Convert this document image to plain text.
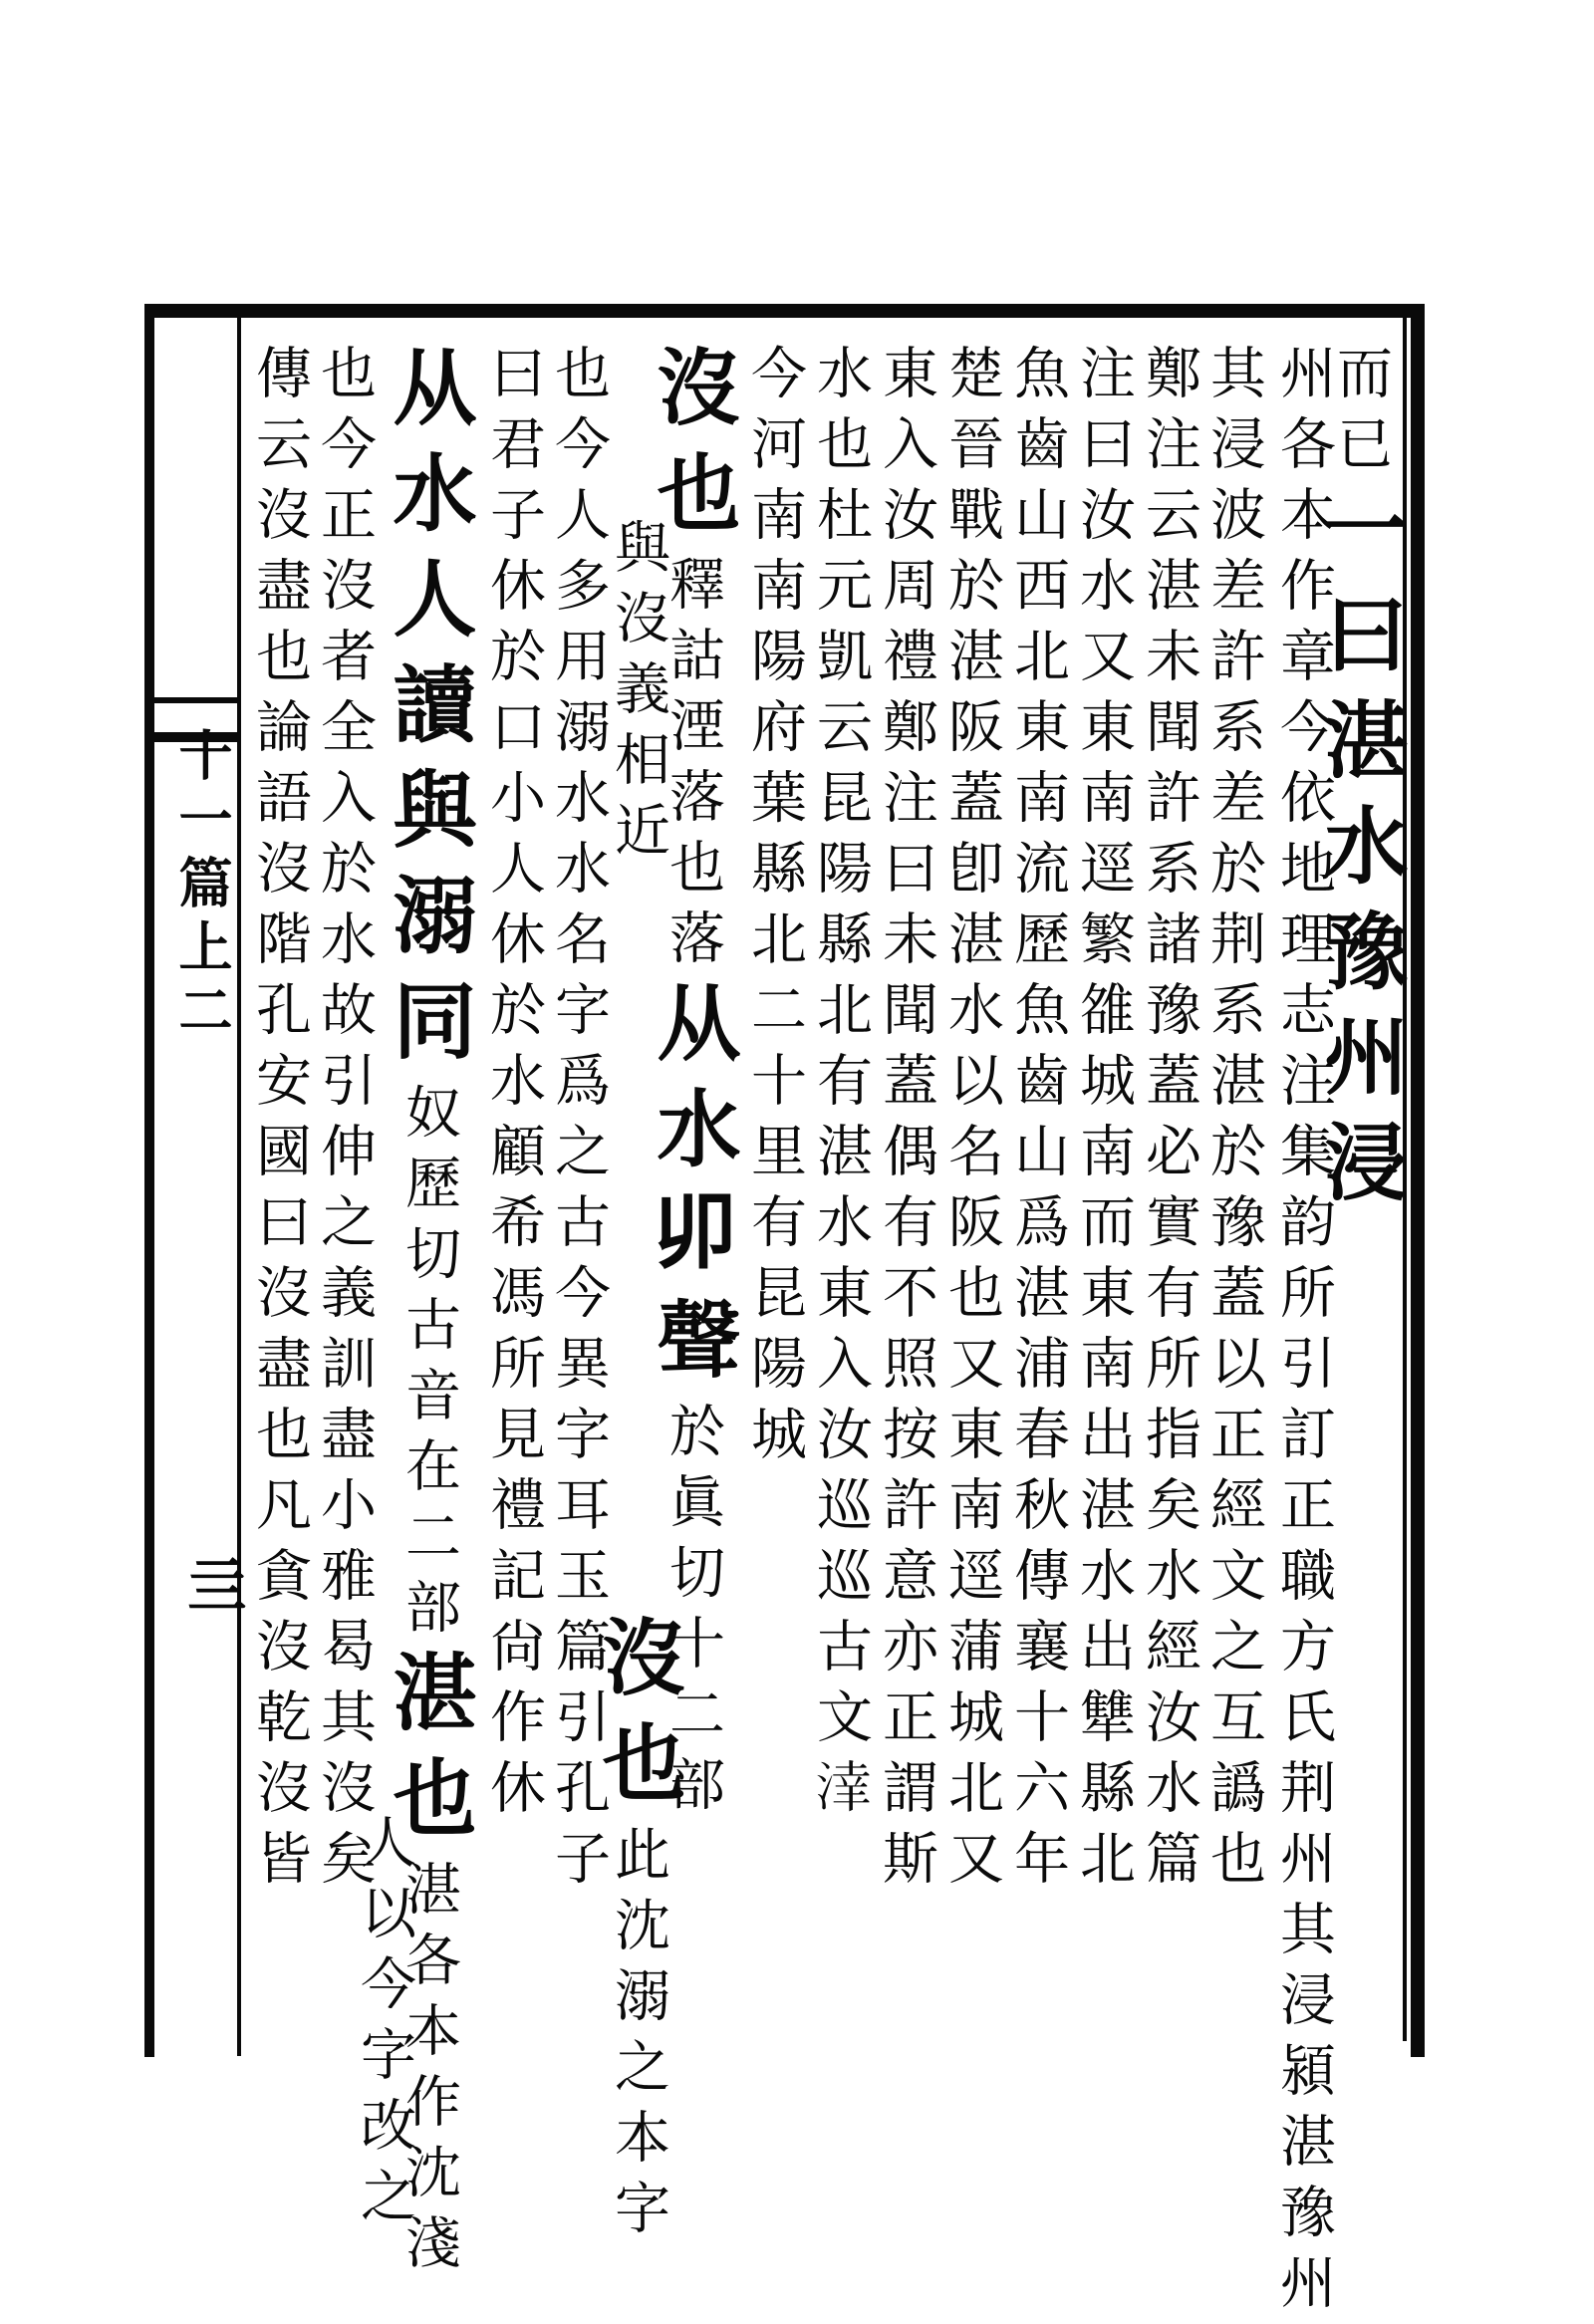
十一篇上二
亖
而已一曰湛水豫州浸
州各本作章今依地理志注集韵所引訂正職方氏荆州其浸潁湛豫州
其浸波差許系差於荆系湛於豫蓋以正經文之互譌也
鄭注云湛未聞許系諸豫蓋必實有所指矣水經汝水篇
注曰汝水又東南逕繁𨿅城南而東南出湛水出犨縣北
魚齒山西北東南流歷魚齒山爲湛浦春秋傳襄十六年
楚晉戰於湛阪蓋卽湛水以名阪也又東南逕蒲城北又
東入汝周禮鄭注曰未聞蓋偶有不照按許意亦正謂斯
水也杜元凱云昆陽縣北有湛水東入汝巡巡古文𣸉
今河南南陽府葉縣北二十里有昆陽城
沒也釋詁湮落也落从水𠨍聲於眞切十二部
與沒義相近
沒也此沈溺之本字
也今人多用溺水水名字爲之古今異字耳玉篇引孔子
曰君子休於口小人休於水顧希馮所見禮記尙作休
从水人讀與溺同奴歷切古音在二部湛也湛各本作沈淺
也今正沒者全入於水故引伸之義訓盡小雅曷其沒矣
人以今字改之
傳云沒盡也論語沒階孔安國曰沒盡也凡貪沒乾沒皆
